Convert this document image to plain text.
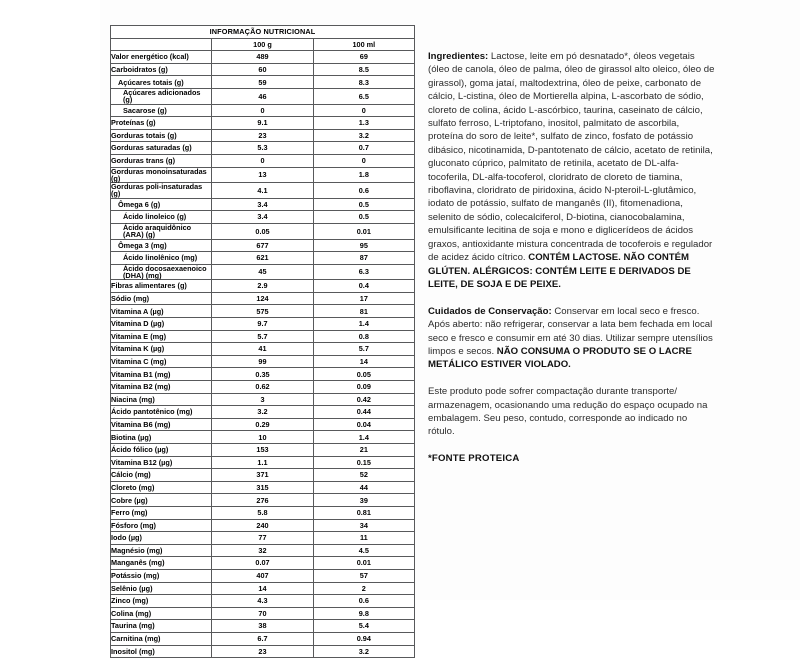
INFORMAÇÃO NUTRICIONAL		
	100 g	100 ml
Valor energético (kcal)	489	69
Carboidratos (g)	60	8.5
Açúcares totais (g)	59	8.3
Açúcares adicionados (g)	46	6.5
Sacarose (g)	0	0
Proteínas (g)	9.1	1.3
Gorduras totais (g)	23	3.2
Gorduras saturadas (g)	5.3	0.7
Gorduras trans (g)	0	0
Gorduras monoinsaturadas (g)	13	1.8
Gorduras poli-insaturadas (g)	4.1	0.6
Ômega 6 (g)	3.4	0.5
Ácido linoleico (g)	3.4	0.5
Ácido araquidônico (ARA) (g)	0.05	0.01
Ômega 3 (mg)	677	95
Ácido linolênico (mg)	621	87
Ácido docosaexaenoico (DHA) (mg)	45	6.3
Fibras alimentares (g)	2.9	0.4
Sódio (mg)	124	17
Vitamina A (µg)	575	81
Vitamina D (µg)	9.7	1.4
Vitamina E (mg)	5.7	0.8
Vitamina K (µg)	41	5.7
Vitamina C (mg)	99	14
Vitamina B1 (mg)	0.35	0.05
Vitamina B2 (mg)	0.62	0.09
Niacina (mg)	3	0.42
Ácido pantotênico (mg)	3.2	0.44
Vitamina B6 (mg)	0.29	0.04
Biotina (µg)	10	1.4
Ácido fólico (µg)	153	21
Vitamina B12 (µg)	1.1	0.15
Cálcio (mg)	371	52
Cloreto (mg)	315	44
Cobre (µg)	276	39
Ferro (mg)	5.8	0.81
Fósforo (mg)	240	34
Iodo (µg)	77	11
Magnésio (mg)	32	4.5
Manganês (mg)	0.07	0.01
Potássio (mg)	407	57
Selênio (µg)	14	2
Zinco (mg)	4.3	0.6
Colina (mg)	70	9.8
Taurina (mg)	38	5.4
Carnitina (mg)	6.7	0.94
Inositol (mg)	23	3.2

Ingredientes: Lactose, leite em pó desnatado*, óleos vegetais (óleo de canola, óleo de palma, óleo de girassol alto oleico, óleo de girassol), goma jataí, maltodextrina, óleo de peixe, carbonato de cálcio, L-cistina, óleo de Mortierella alpina, L-ascorbato de sódio, cloreto de colina, ácido L-ascórbico, taurina, caseinato de cálcio, sulfato ferroso, L-triptofano, inositol, palmitato de ascorbila, proteína do soro de leite*, sulfato de zinco, fosfato de potássio dibásico, nicotinamida, D-pantotenato de cálcio, acetato de retinila, gluconato cúprico, palmitato de retinila, acetato de DL-alfa-tocoferila, DL-alfa-tocoferol, cloridrato de cloreto de tiamina, riboflavina, cloridrato de piridoxina, ácido N-pteroil-L-glutâmico, iodato de potássio, sulfato de manganês (II), fitomenadiona, selenito de sódio, colecalciferol, D-biotina, cianocobalamina, emulsificante lecitina de soja e mono e diglicerídeos de ácidos graxos, antioxidante mistura concentrada de tocoferois e regulador de acidez ácido cítrico. CONTÉM LACTOSE. NÃO CONTÉM GLÚTEN. ALÉRGICOS: CONTÉM LEITE E DERIVADOS DE LEITE, DE SOJA E DE PEIXE.

Cuidados de Conservação: Conservar em local seco e fresco. Após aberto: não refrigerar, conservar a lata bem fechada em local seco e fresco e consumir em até 30 dias. Utilizar sempre utensílios limpos e secos. NÃO CONSUMA O PRODUTO SE O LACRE METÁLICO ESTIVER VIOLADO.

Este produto pode sofrer compactação durante transporte/ armazenagem, ocasionando uma redução do espaço ocupado na embalagem. Seu peso, contudo, corresponde ao indicado no rótulo.

*FONTE PROTEICA
